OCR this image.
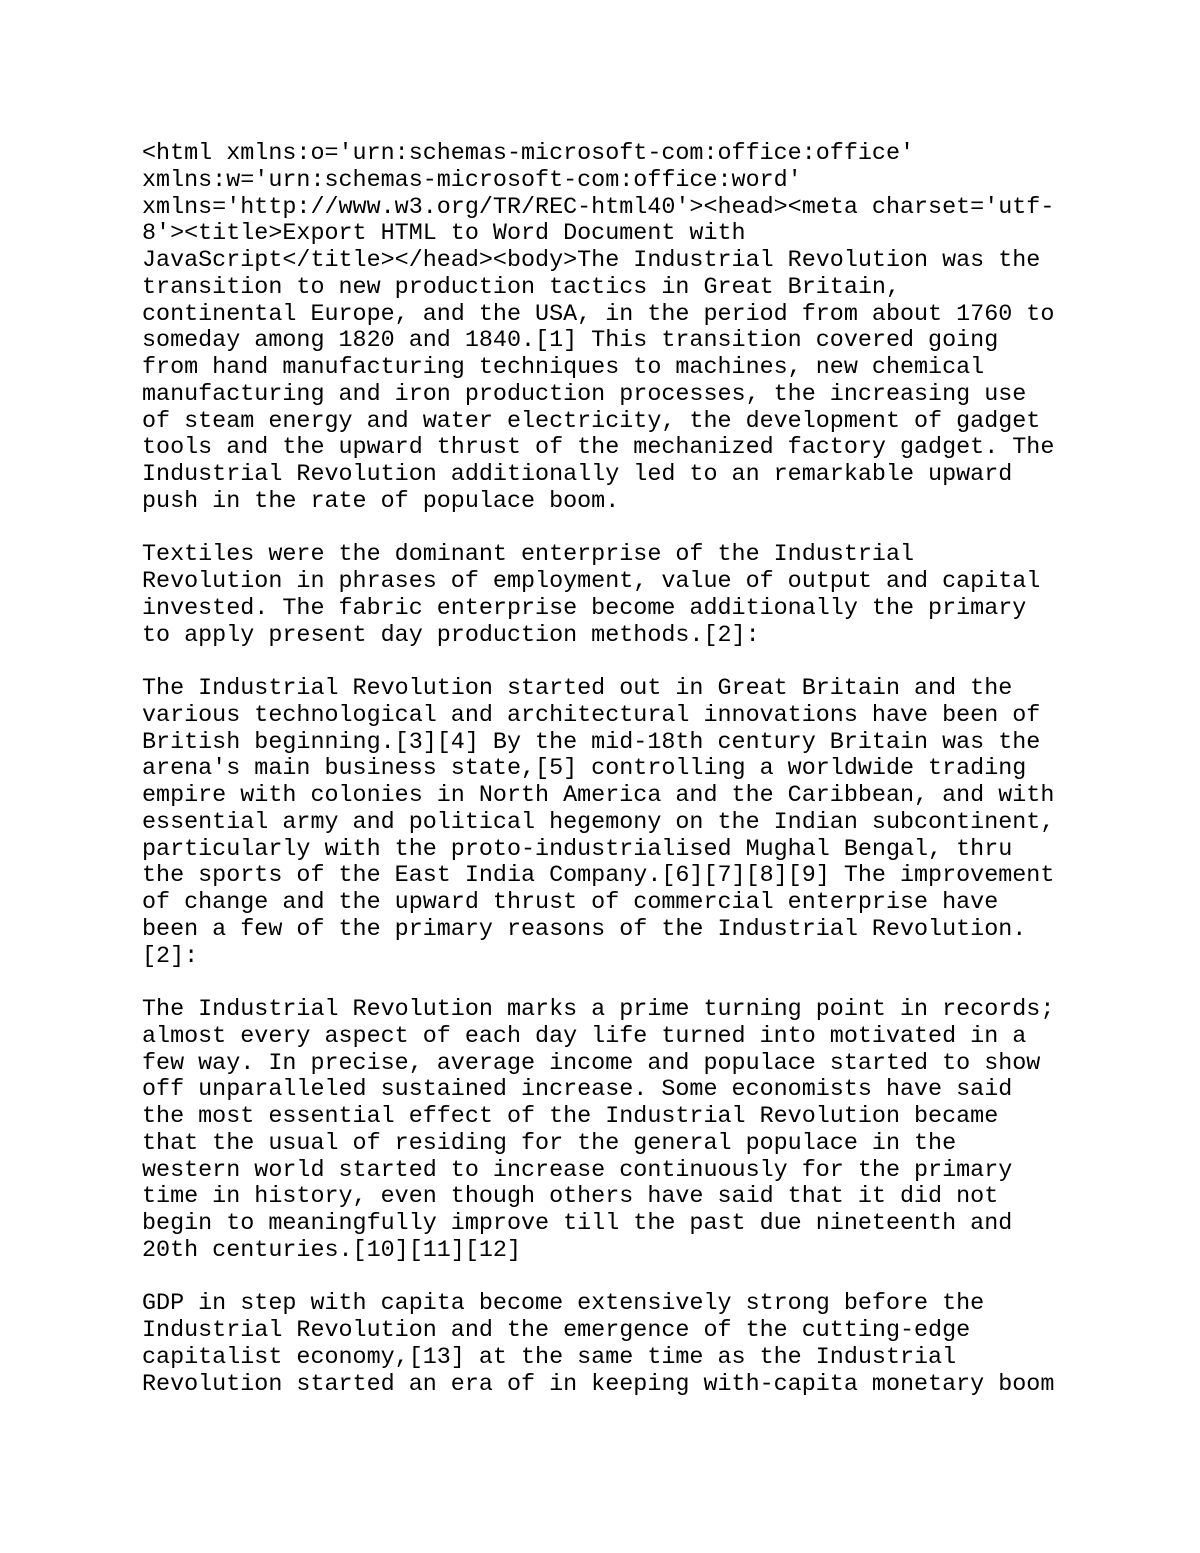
<html xmlns:o='urn:schemas-microsoft-com:office:office'
xmlns:w='urn:schemas-microsoft-com:office:word'
xmlns='http://www.w3.org/TR/REC-html40'><head><meta charset='utf-
8'><title>Export HTML to Word Document with
JavaScript</title></head><body>The Industrial Revolution was the
transition to new production tactics in Great Britain,
continental Europe, and the USA, in the period from about 1760 to
someday among 1820 and 1840.[1] This transition covered going
from hand manufacturing techniques to machines, new chemical
manufacturing and iron production processes, the increasing use
of steam energy and water electricity, the development of gadget
tools and the upward thrust of the mechanized factory gadget. The
Industrial Revolution additionally led to an remarkable upward
push in the rate of populace boom.
Textiles were the dominant enterprise of the Industrial
Revolution in phrases of employment, value of output and capital
invested. The fabric enterprise become additionally the primary
to apply present day production methods.[2]:
The Industrial Revolution started out in Great Britain and the
various technological and architectural innovations have been of
British beginning.[3][4] By the mid-18th century Britain was the
arena's main business state,[5] controlling a worldwide trading
empire with colonies in North America and the Caribbean, and with
essential army and political hegemony on the Indian subcontinent,
particularly with the proto-industrialised Mughal Bengal, thru
the sports of the East India Company.[6][7][8][9] The improvement
of change and the upward thrust of commercial enterprise have
been a few of the primary reasons of the Industrial Revolution.
[2]:
The Industrial Revolution marks a prime turning point in records;
almost every aspect of each day life turned into motivated in a
few way. In precise, average income and populace started to show
off unparalleled sustained increase. Some economists have said
the most essential effect of the Industrial Revolution became
that the usual of residing for the general populace in the
western world started to increase continuously for the primary
time in history, even though others have said that it did not
begin to meaningfully improve till the past due nineteenth and
20th centuries.[10][11][12]
GDP in step with capita become extensively strong before the
Industrial Revolution and the emergence of the cutting-edge
capitalist economy,[13] at the same time as the Industrial
Revolution started an era of in keeping with-capita monetary boom
